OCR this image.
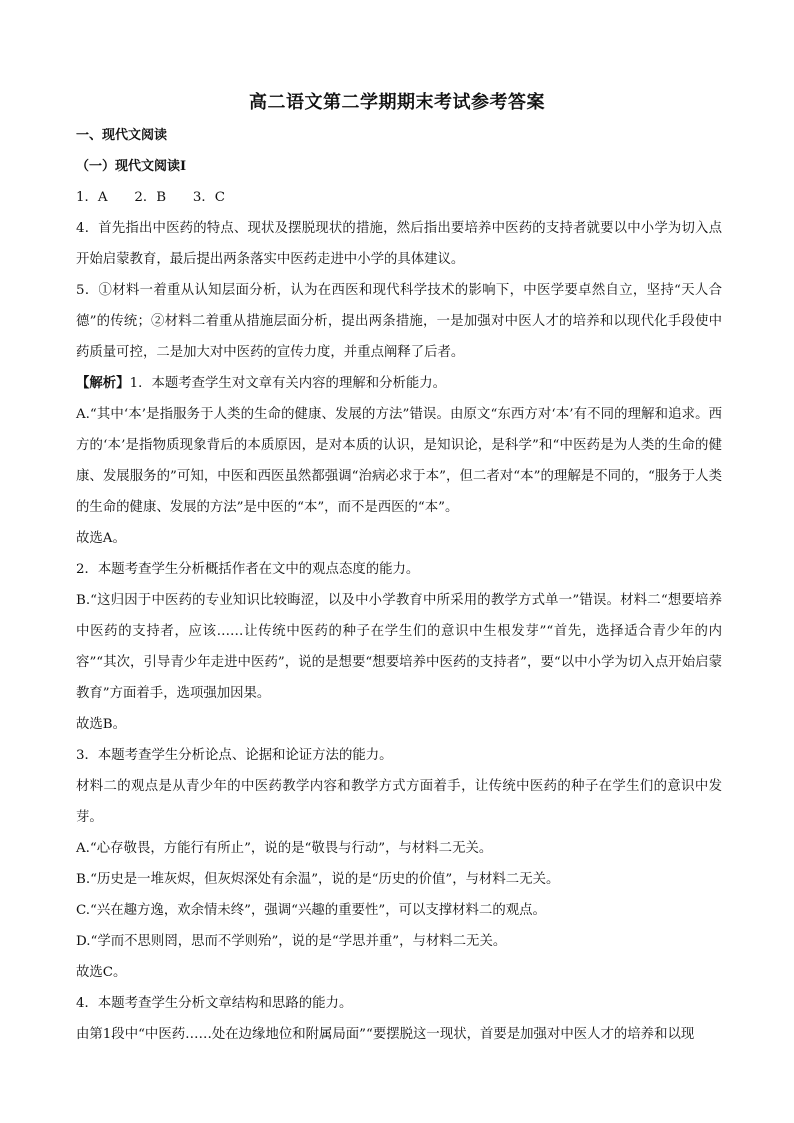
高二语文第二学期期末考试参考答案

一、现代文阅读

（一）现代文阅读Ⅰ

1．A　　2．B　　3．C

4．首先指出中医药的特点、现状及摆脱现状的措施，然后指出要培养中医药的支持者就要以中小学为切入点开始启蒙教育，最后提出两条落实中医药走进中小学的具体建议。

5．①材料一着重从认知层面分析，认为在西医和现代科学技术的影响下，中医学要卓然自立，坚持“天人合德”的传统；②材料二着重从措施层面分析，提出两条措施，一是加强对中医人才的培养和以现代化手段使中药质量可控，二是加大对中医药的宣传力度，并重点阐释了后者。

【解析】1．本题考查学生对文章有关内容的理解和分析能力。

A.“其中‘本’是指服务于人类的生命的健康、发展的方法”错误。由原文“东西方对‘本’有不同的理解和追求。西方的‘本’是指物质现象背后的本质原因，是对本质的认识，是知识论，是科学”和“中医药是为人类的生命的健康、发展服务的”可知，中医和西医虽然都强调“治病必求于本”，但二者对“本”的理解是不同的，“服务于人类的生命的健康、发展的方法”是中医的“本”，而不是西医的“本”。

故选A。

2．本题考查学生分析概括作者在文中的观点态度的能力。

B.“这归因于中医药的专业知识比较晦涩，以及中小学教育中所采用的教学方式单一”错误。材料二“想要培养中医药的支持者，应该……让传统中医药的种子在学生们的意识中生根发芽”“首先，选择适合青少年的内容”“其次，引导青少年走进中医药”，说的是想要“想要培养中医药的支持者”，要“以中小学为切入点开始启蒙教育”方面着手，选项强加因果。

故选B。

3．本题考查学生分析论点、论据和论证方法的能力。

材料二的观点是从青少年的中医药教学内容和教学方式方面着手，让传统中医药的种子在学生们的意识中发芽。

A.“心存敬畏，方能行有所止”，说的是“敬畏与行动”，与材料二无关。

B.“历史是一堆灰烬，但灰烬深处有余温”，说的是“历史的价值”，与材料二无关。

C.“兴在趣方逸，欢余情未终”，强调“兴趣的重要性”，可以支撑材料二的观点。

D.“学而不思则罔，思而不学则殆”，说的是“学思并重”，与材料二无关。

故选C。

4．本题考查学生分析文章结构和思路的能力。

由第1段中“中医药……处在边缘地位和附属局面”“要摆脱这一现状，首要是加强对中医人才的培养和以现
